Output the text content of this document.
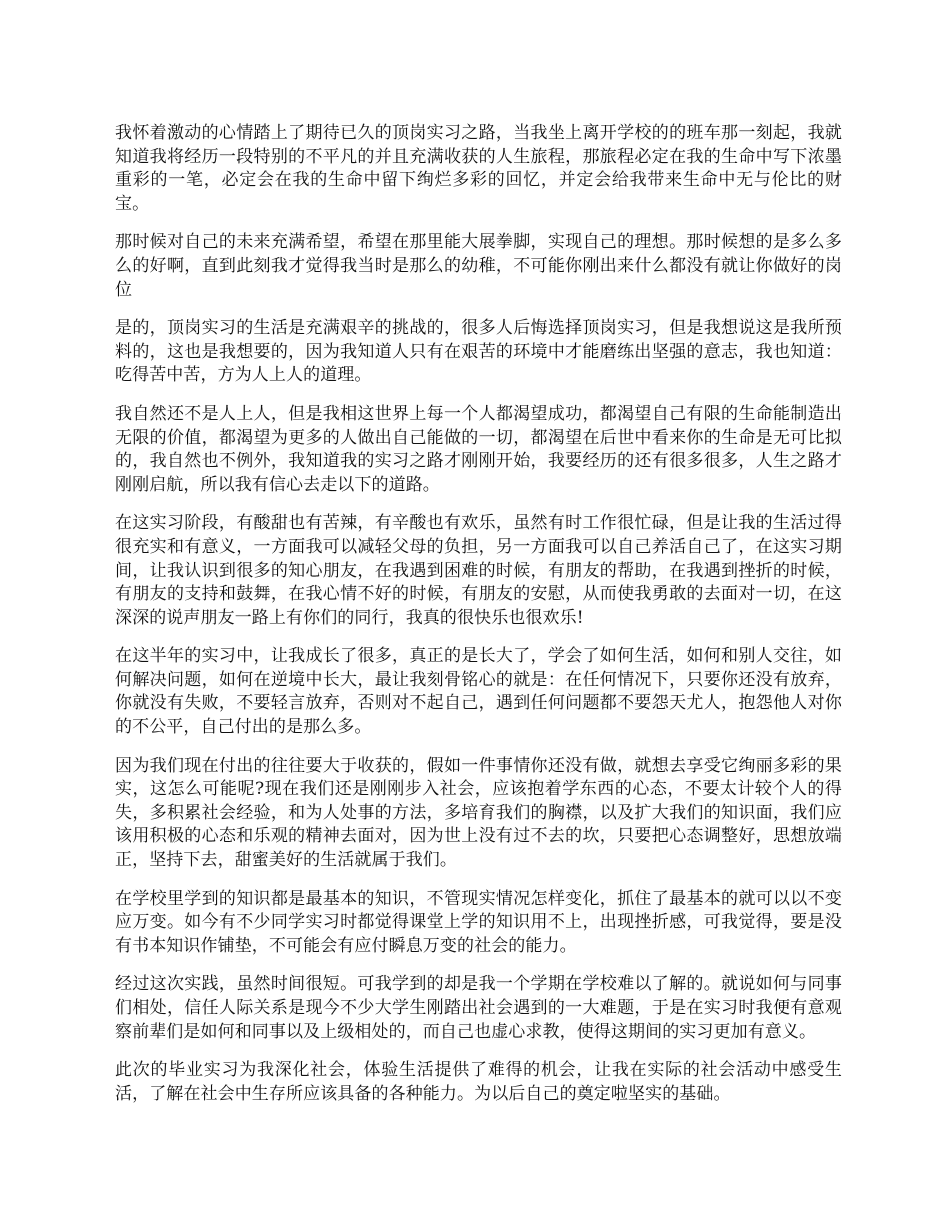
我怀着激动的心情踏上了期待已久的顶岗实习之路，当我坐上离开学校的的班车那一刻起，我就知道我将经历一段特别的不平凡的并且充满收获的人生旅程，那旅程必定在我的生命中写下浓墨重彩的一笔，必定会在我的生命中留下绚烂多彩的回忆，并定会给我带来生命中无与伦比的财宝。

那时候对自己的未来充满希望，希望在那里能大展拳脚，实现自己的理想。那时候想的是多么多么的好啊，直到此刻我才觉得我当时是那么的幼稚，不可能你刚出来什么都没有就让你做好的岗位

是的，顶岗实习的生活是充满艰辛的挑战的，很多人后悔选择顶岗实习，但是我想说这是我所预料的，这也是我想要的，因为我知道人只有在艰苦的环境中才能磨练出坚强的意志，我也知道：吃得苦中苦，方为人上人的道理。

我自然还不是人上人，但是我相这世界上每一个人都渴望成功，都渴望自己有限的生命能制造出无限的价值，都渴望为更多的人做出自己能做的一切，都渴望在后世中看来你的生命是无可比拟的，我自然也不例外，我知道我的实习之路才刚刚开始，我要经历的还有很多很多，人生之路才刚刚启航，所以我有信心去走以下的道路。

在这实习阶段，有酸甜也有苦辣，有辛酸也有欢乐，虽然有时工作很忙碌，但是让我的生活过得很充实和有意义，一方面我可以减轻父母的负担，另一方面我可以自己养活自己了，在这实习期间，让我认识到很多的知心朋友，在我遇到困难的时候，有朋友的帮助，在我遇到挫折的时候，有朋友的支持和鼓舞，在我心情不好的时候，有朋友的安慰，从而使我勇敢的去面对一切，在这深深的说声朋友一路上有你们的同行，我真的很快乐也很欢乐!

在这半年的实习中，让我成长了很多，真正的是长大了，学会了如何生活，如何和别人交往，如何解决问题，如何在逆境中长大，最让我刻骨铭心的就是：在任何情况下，只要你还没有放弃，你就没有失败，不要轻言放弃，否则对不起自己，遇到任何问题都不要怨天尤人，抱怨他人对你的不公平，自己付出的是那么多。

因为我们现在付出的往往要大于收获的，假如一件事情你还没有做，就想去享受它绚丽多彩的果实，这怎么可能呢?现在我们还是刚刚步入社会，应该抱着学东西的心态，不要太计较个人的得失，多积累社会经验，和为人处事的方法，多培育我们的胸襟，以及扩大我们的知识面，我们应该用积极的心态和乐观的精神去面对，因为世上没有过不去的坎，只要把心态调整好，思想放端正，坚持下去，甜蜜美好的生活就属于我们。

在学校里学到的知识都是最基本的知识，不管现实情况怎样变化，抓住了最基本的就可以以不变应万变。如今有不少同学实习时都觉得课堂上学的知识用不上，出现挫折感，可我觉得，要是没有书本知识作铺垫，不可能会有应付瞬息万变的社会的能力。

经过这次实践，虽然时间很短。可我学到的却是我一个学期在学校难以了解的。就说如何与同事们相处，信任人际关系是现今不少大学生刚踏出社会遇到的一大难题，于是在实习时我便有意观察前辈们是如何和同事以及上级相处的，而自己也虚心求教，使得这期间的实习更加有意义。

此次的毕业实习为我深化社会，体验生活提供了难得的机会，让我在实际的社会活动中感受生活，了解在社会中生存所应该具备的各种能力。为以后自己的奠定啦坚实的基础。
